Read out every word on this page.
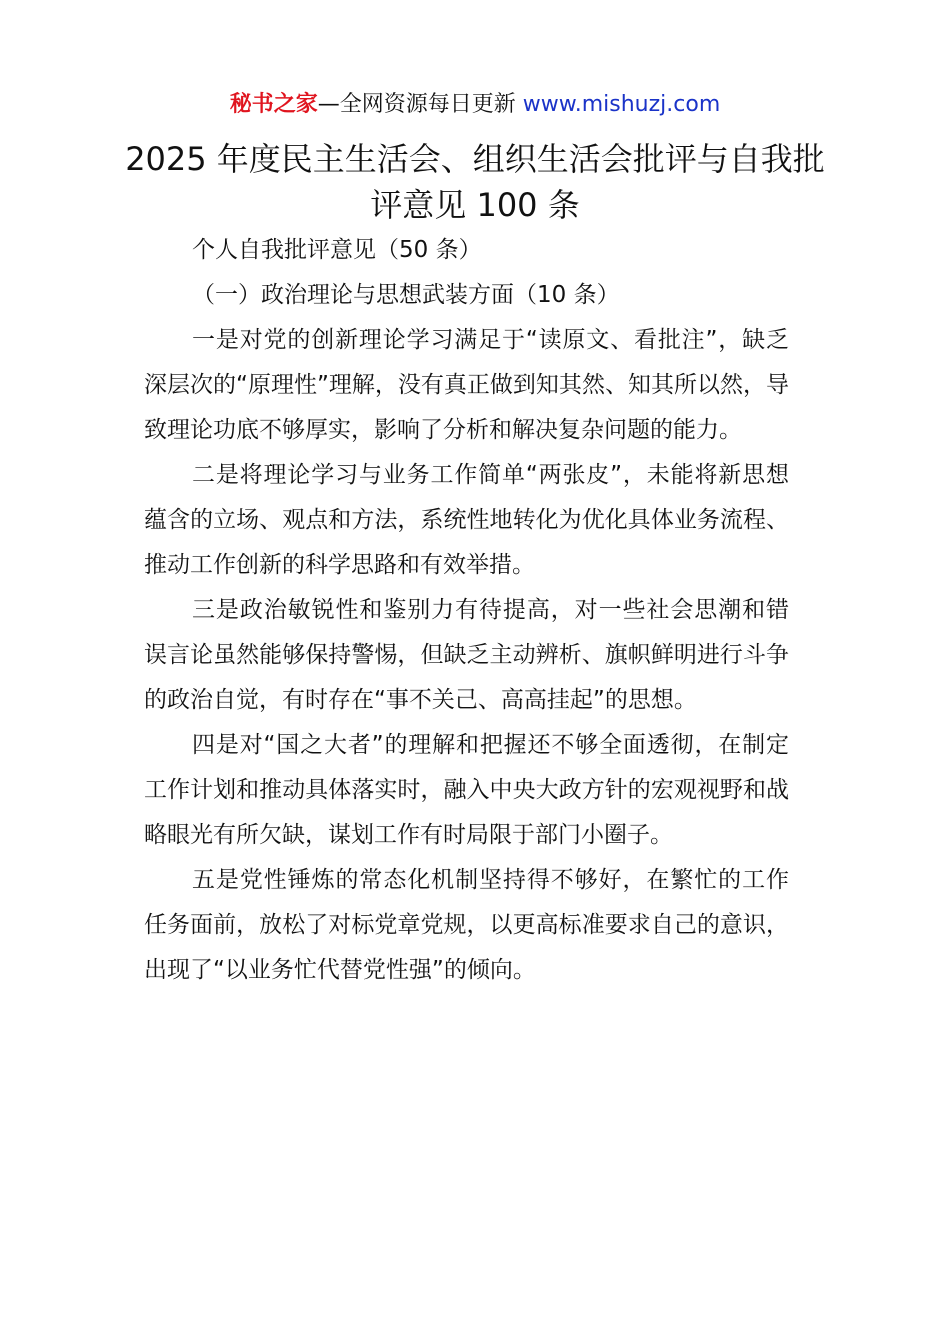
秘书之家—全网资源每日更新 www.mishuzj.com
2025 年度民主生活会、组织生活会批评与自我批评意见 100 条

个人自我批评意见（50 条）

（一）政治理论与思想武装方面（10 条）

一是对党的创新理论学习满足于“读原文、看批注”，缺乏深层次的“原理性”理解，没有真正做到知其然、知其所以然，导致理论功底不够厚实，影响了分析和解决复杂问题的能力。

二是将理论学习与业务工作简单“两张皮”，未能将新思想蕴含的立场、观点和方法，系统性地转化为优化具体业务流程、推动工作创新的科学思路和有效举措。

三是政治敏锐性和鉴别力有待提高，对一些社会思潮和错误言论虽然能够保持警惕，但缺乏主动辨析、旗帜鲜明进行斗争的政治自觉，有时存在“事不关己、高高挂起”的思想。

四是对“国之大者”的理解和把握还不够全面透彻，在制定工作计划和推动具体落实时，融入中央大政方针的宏观视野和战略眼光有所欠缺，谋划工作有时局限于部门小圈子。

五是党性锤炼的常态化机制坚持得不够好，在繁忙的工作任务面前，放松了对标党章党规，以更高标准要求自己的意识，出现了“以业务忙代替党性强”的倾向。
